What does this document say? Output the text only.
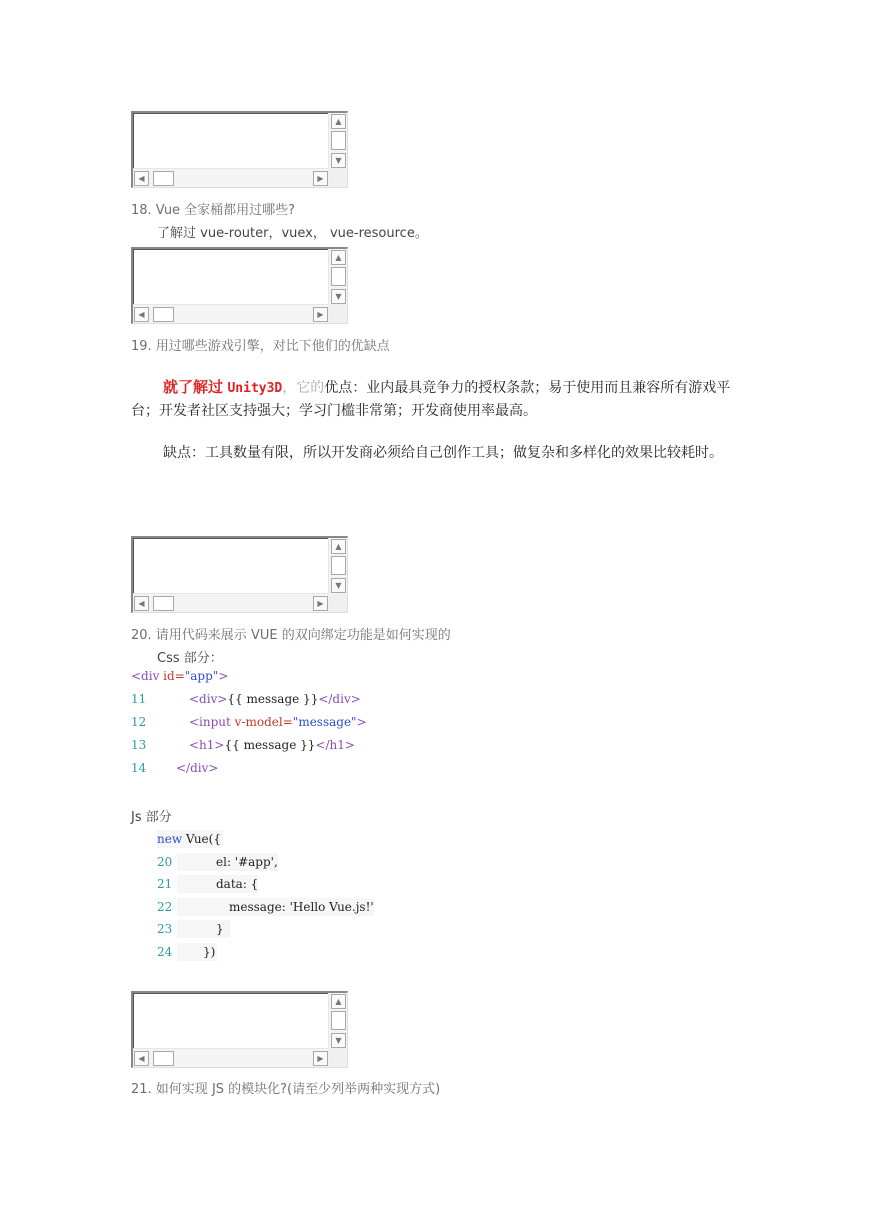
▲
▼
◀	▶
18. Vue 全家桶都用过哪些?
了解过 vue-router，vuex， vue-resource。
▲
▼
◀	▶
19. 用过哪些游戏引擎，对比下他们的优缺点
就了解过 Unity3D，它的优点：业内最具竞争力的授权条款；易于使用而且兼容所有游戏平台；开发者社区支持强大；学习门槛非常第；开发商使用率最高。
缺点：工具数量有限，所以开发商必须给自己创作工具；做复杂和多样化的效果比较耗时。
▲
▼
◀	▶
20. 请用代码来展示 VUE 的双向绑定功能是如何实现的
Css 部分：
<div id="app">
11	<div>{{ message }}</div>
12	<input v-model="message">
13	<h1>{{ message }}</h1>
14 </div>
Js 部分
new Vue({
20	el: '#app',
21	data: {
22	message: 'Hello Vue.js!'
23	}
24	})
▲
▼
◀	▶
21. 如何实现 JS 的模块化?(请至少列举两种实现方式)
